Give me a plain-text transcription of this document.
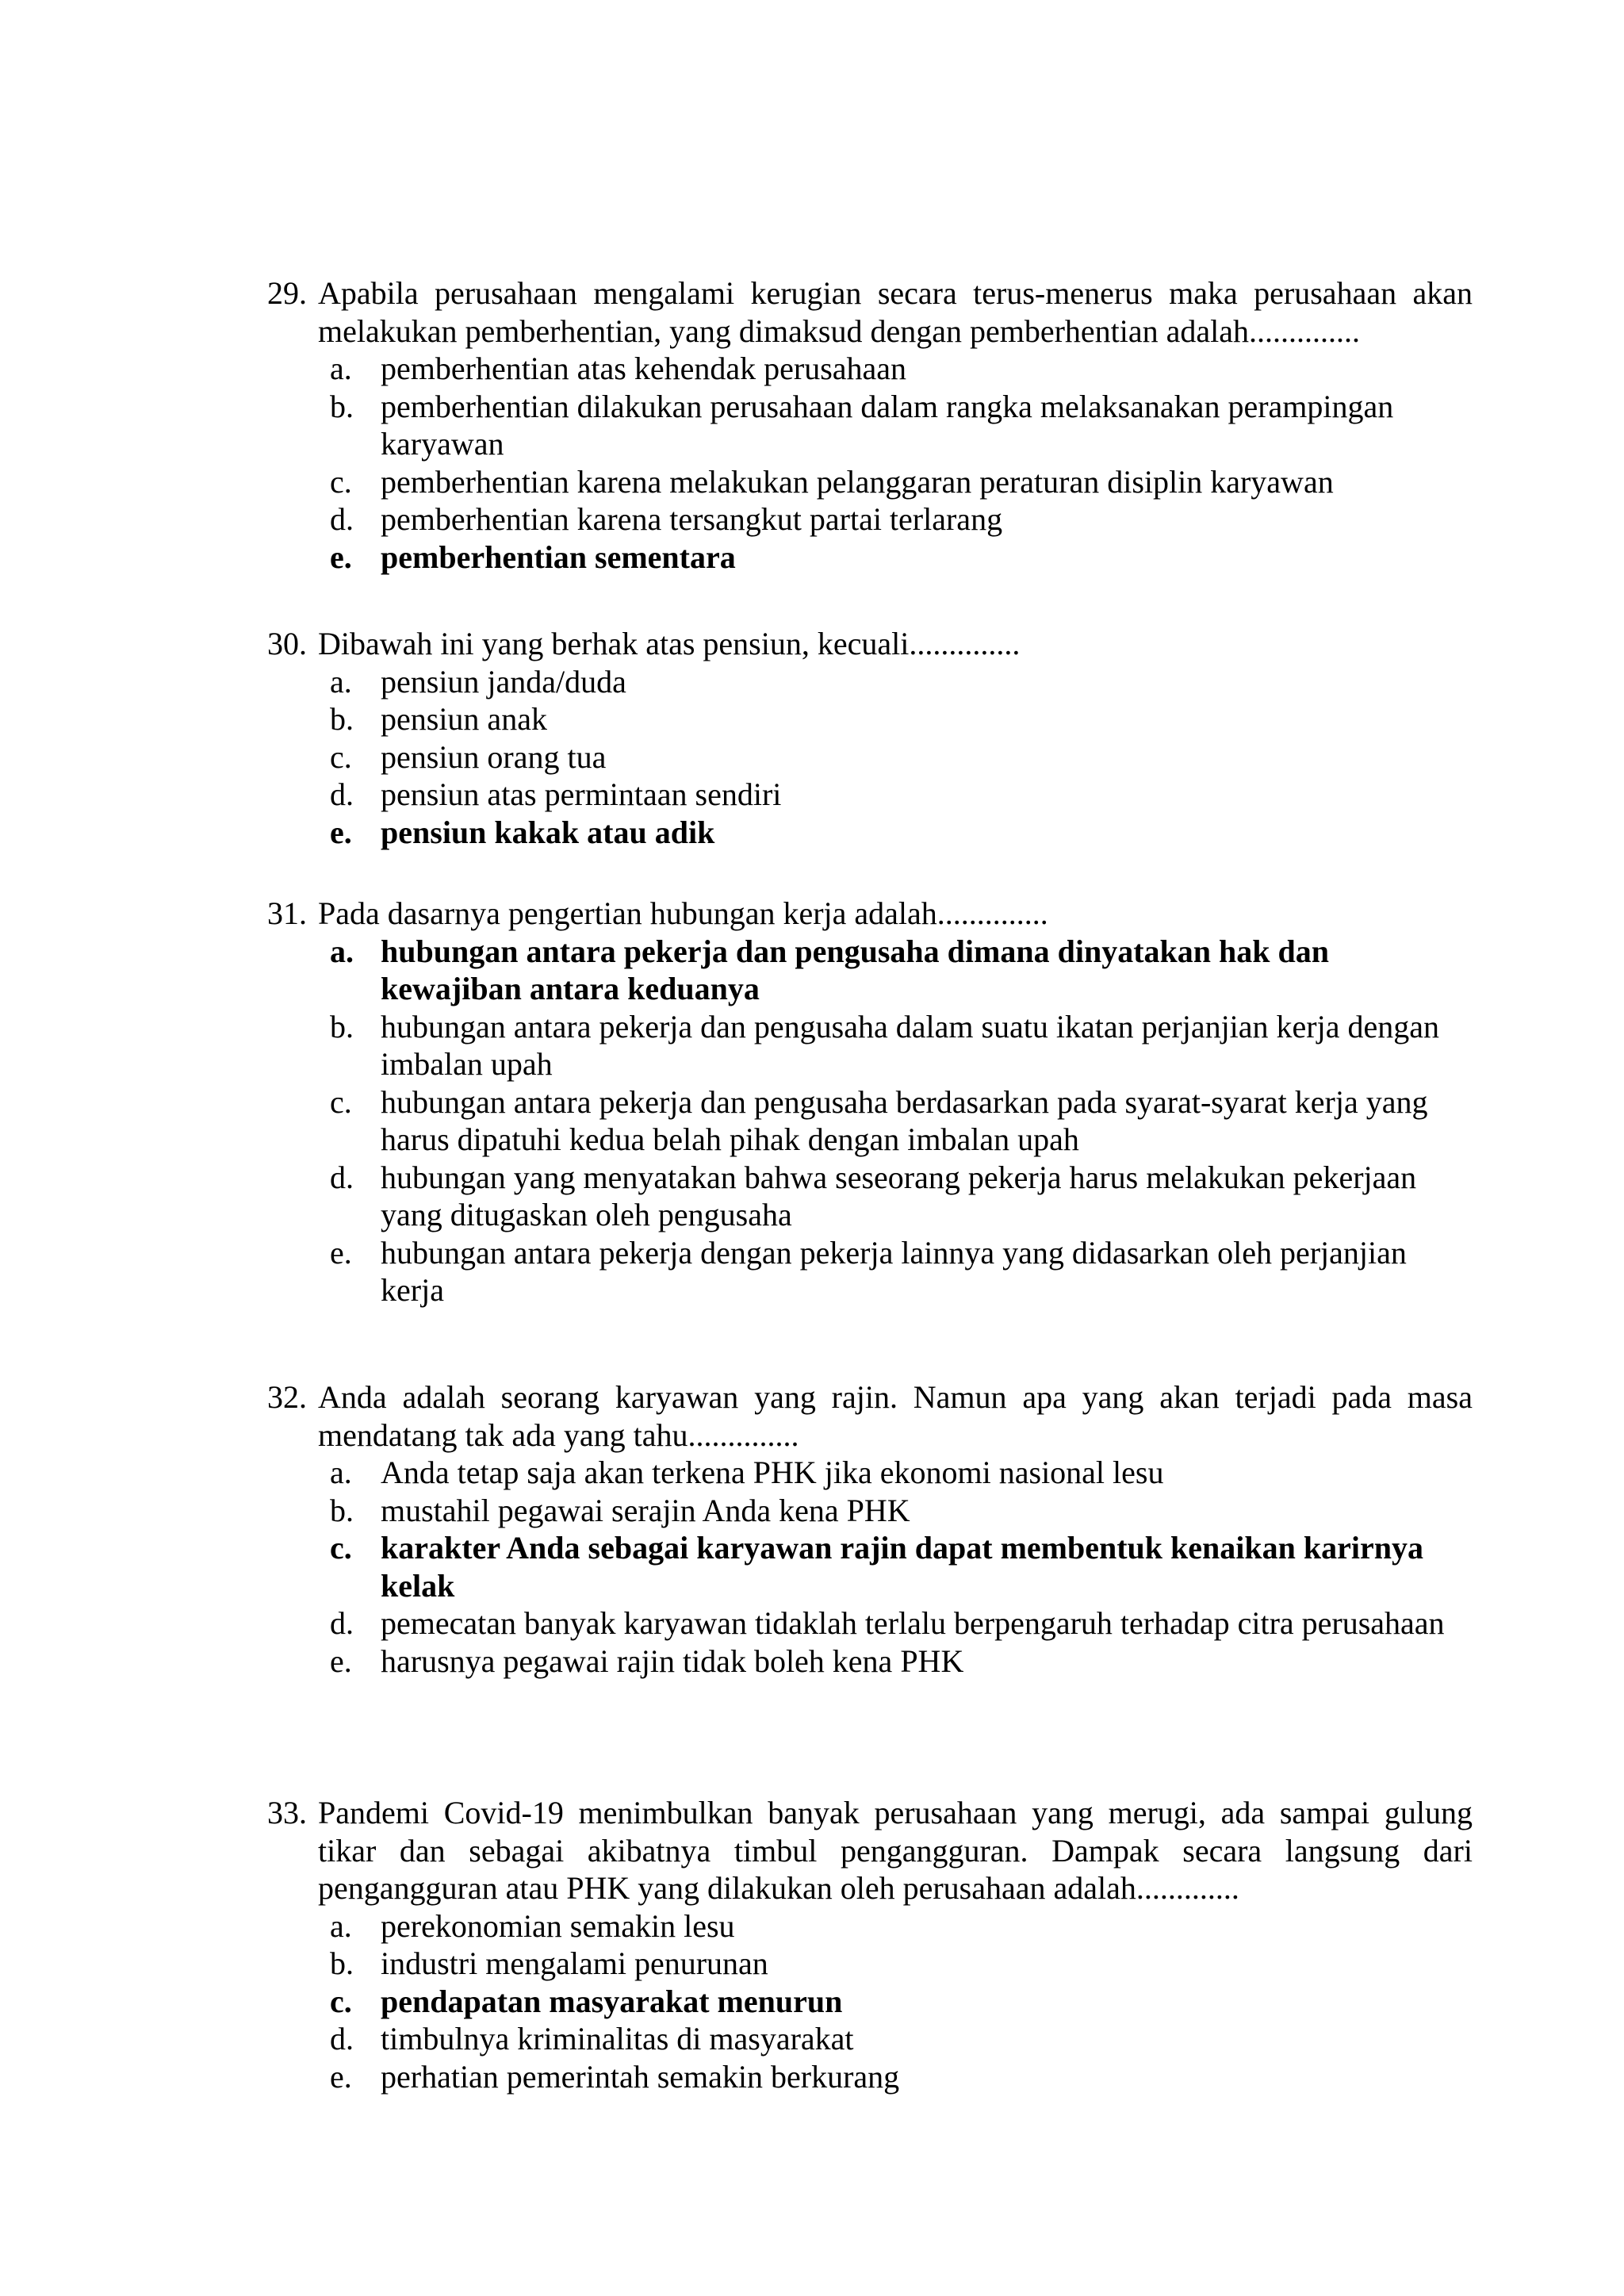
29. Apabila perusahaan mengalami kerugian secara terus-menerus maka perusahaan akan melakukan pemberhentian, yang dimaksud dengan pemberhentian adalah..............
a. pemberhentian atas kehendak perusahaan
b. pemberhentian dilakukan perusahaan dalam rangka melaksanakan perampingan karyawan
c. pemberhentian karena melakukan pelanggaran peraturan disiplin karyawan
d. pemberhentian karena tersangkut partai terlarang
e. pemberhentian sementara
30. Dibawah ini yang berhak atas pensiun, kecuali..............
a. pensiun janda/duda
b. pensiun anak
c. pensiun orang tua
d. pensiun atas permintaan sendiri
e. pensiun kakak atau adik
31. Pada dasarnya pengertian hubungan kerja adalah..............
a. hubungan antara pekerja dan pengusaha dimana dinyatakan hak dan kewajiban antara keduanya
b. hubungan antara pekerja dan pengusaha dalam suatu ikatan perjanjian kerja dengan imbalan upah
c. hubungan antara pekerja dan pengusaha berdasarkan pada syarat-syarat kerja yang harus dipatuhi kedua belah pihak dengan imbalan upah
d. hubungan yang menyatakan bahwa seseorang pekerja harus melakukan pekerjaan yang ditugaskan oleh pengusaha
e. hubungan antara pekerja dengan pekerja lainnya yang didasarkan oleh perjanjian kerja
32. Anda adalah seorang karyawan yang rajin. Namun apa yang akan terjadi pada masa mendatang tak ada yang tahu..............
a. Anda tetap saja akan terkena PHK jika ekonomi nasional lesu
b. mustahil pegawai serajin Anda kena PHK
c. karakter Anda sebagai karyawan rajin dapat membentuk kenaikan karirnya kelak
d. pemecatan banyak karyawan tidaklah terlalu berpengaruh terhadap citra perusahaan
e. harusnya pegawai rajin tidak boleh kena PHK
33. Pandemi Covid-19 menimbulkan banyak perusahaan yang merugi, ada sampai gulung tikar dan sebagai akibatnya timbul pengangguran. Dampak secara langsung dari pengangguran atau PHK yang dilakukan oleh perusahaan adalah.............
a. perekonomian semakin lesu
b. industri mengalami penurunan
c. pendapatan masyarakat menurun
d. timbulnya kriminalitas di masyarakat
e. perhatian pemerintah semakin berkurang
